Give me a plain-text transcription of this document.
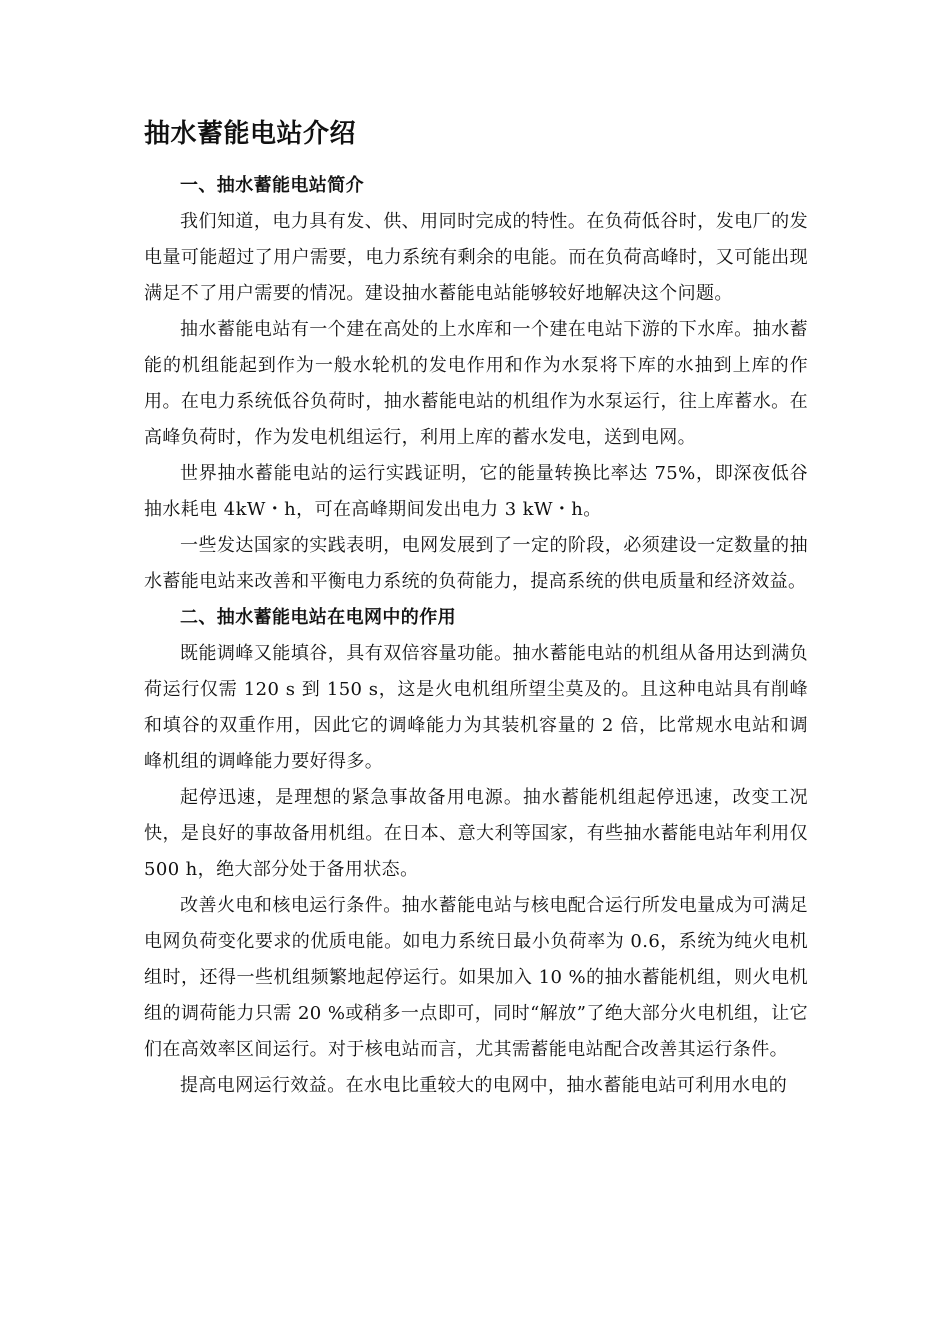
抽水蓄能电站介绍
一、抽水蓄能电站简介

我们知道，电力具有发、供、用同时完成的特性。在负荷低谷时，发电厂的发电量可能超过了用户需要，电力系统有剩余的电能。而在负荷高峰时，又可能出现满足不了用户需要的情况。建设抽水蓄能电站能够较好地解决这个问题。

抽水蓄能电站有一个建在高处的上水库和一个建在电站下游的下水库。抽水蓄能的机组能起到作为一般水轮机的发电作用和作为水泵将下库的水抽到上库的作用。在电力系统低谷负荷时，抽水蓄能电站的机组作为水泵运行，往上库蓄水。在高峰负荷时，作为发电机组运行，利用上库的蓄水发电，送到电网。

世界抽水蓄能电站的运行实践证明，它的能量转换比率达 75%，即深夜低谷抽水耗电 4kW・h，可在高峰期间发出电力 3 kW・h。

一些发达国家的实践表明，电网发展到了一定的阶段，必须建设一定数量的抽水蓄能电站来改善和平衡电力系统的负荷能力，提高系统的供电质量和经济效益。

二、抽水蓄能电站在电网中的作用

既能调峰又能填谷，具有双倍容量功能。抽水蓄能电站的机组从备用达到满负荷运行仅需 120 s 到 150 s，这是火电机组所望尘莫及的。且这种电站具有削峰和填谷的双重作用，因此它的调峰能力为其装机容量的 2 倍，比常规水电站和调峰机组的调峰能力要好得多。

起停迅速，是理想的紧急事故备用电源。抽水蓄能机组起停迅速，改变工况快，是良好的事故备用机组。在日本、意大利等国家，有些抽水蓄能电站年利用仅 500 h，绝大部分处于备用状态。

改善火电和核电运行条件。抽水蓄能电站与核电配合运行所发电量成为可满足电网负荷变化要求的优质电能。如电力系统日最小负荷率为 0.6，系统为纯火电机组时，还得一些机组频繁地起停运行。如果加入 10 %的抽水蓄能机组，则火电机组的调荷能力只需 20 %或稍多一点即可，同时“解放”了绝大部分火电机组，让它们在高效率区间运行。对于核电站而言，尤其需蓄能电站配合改善其运行条件。

提高电网运行效益。在水电比重较大的电网中，抽水蓄能电站可利用水电的
